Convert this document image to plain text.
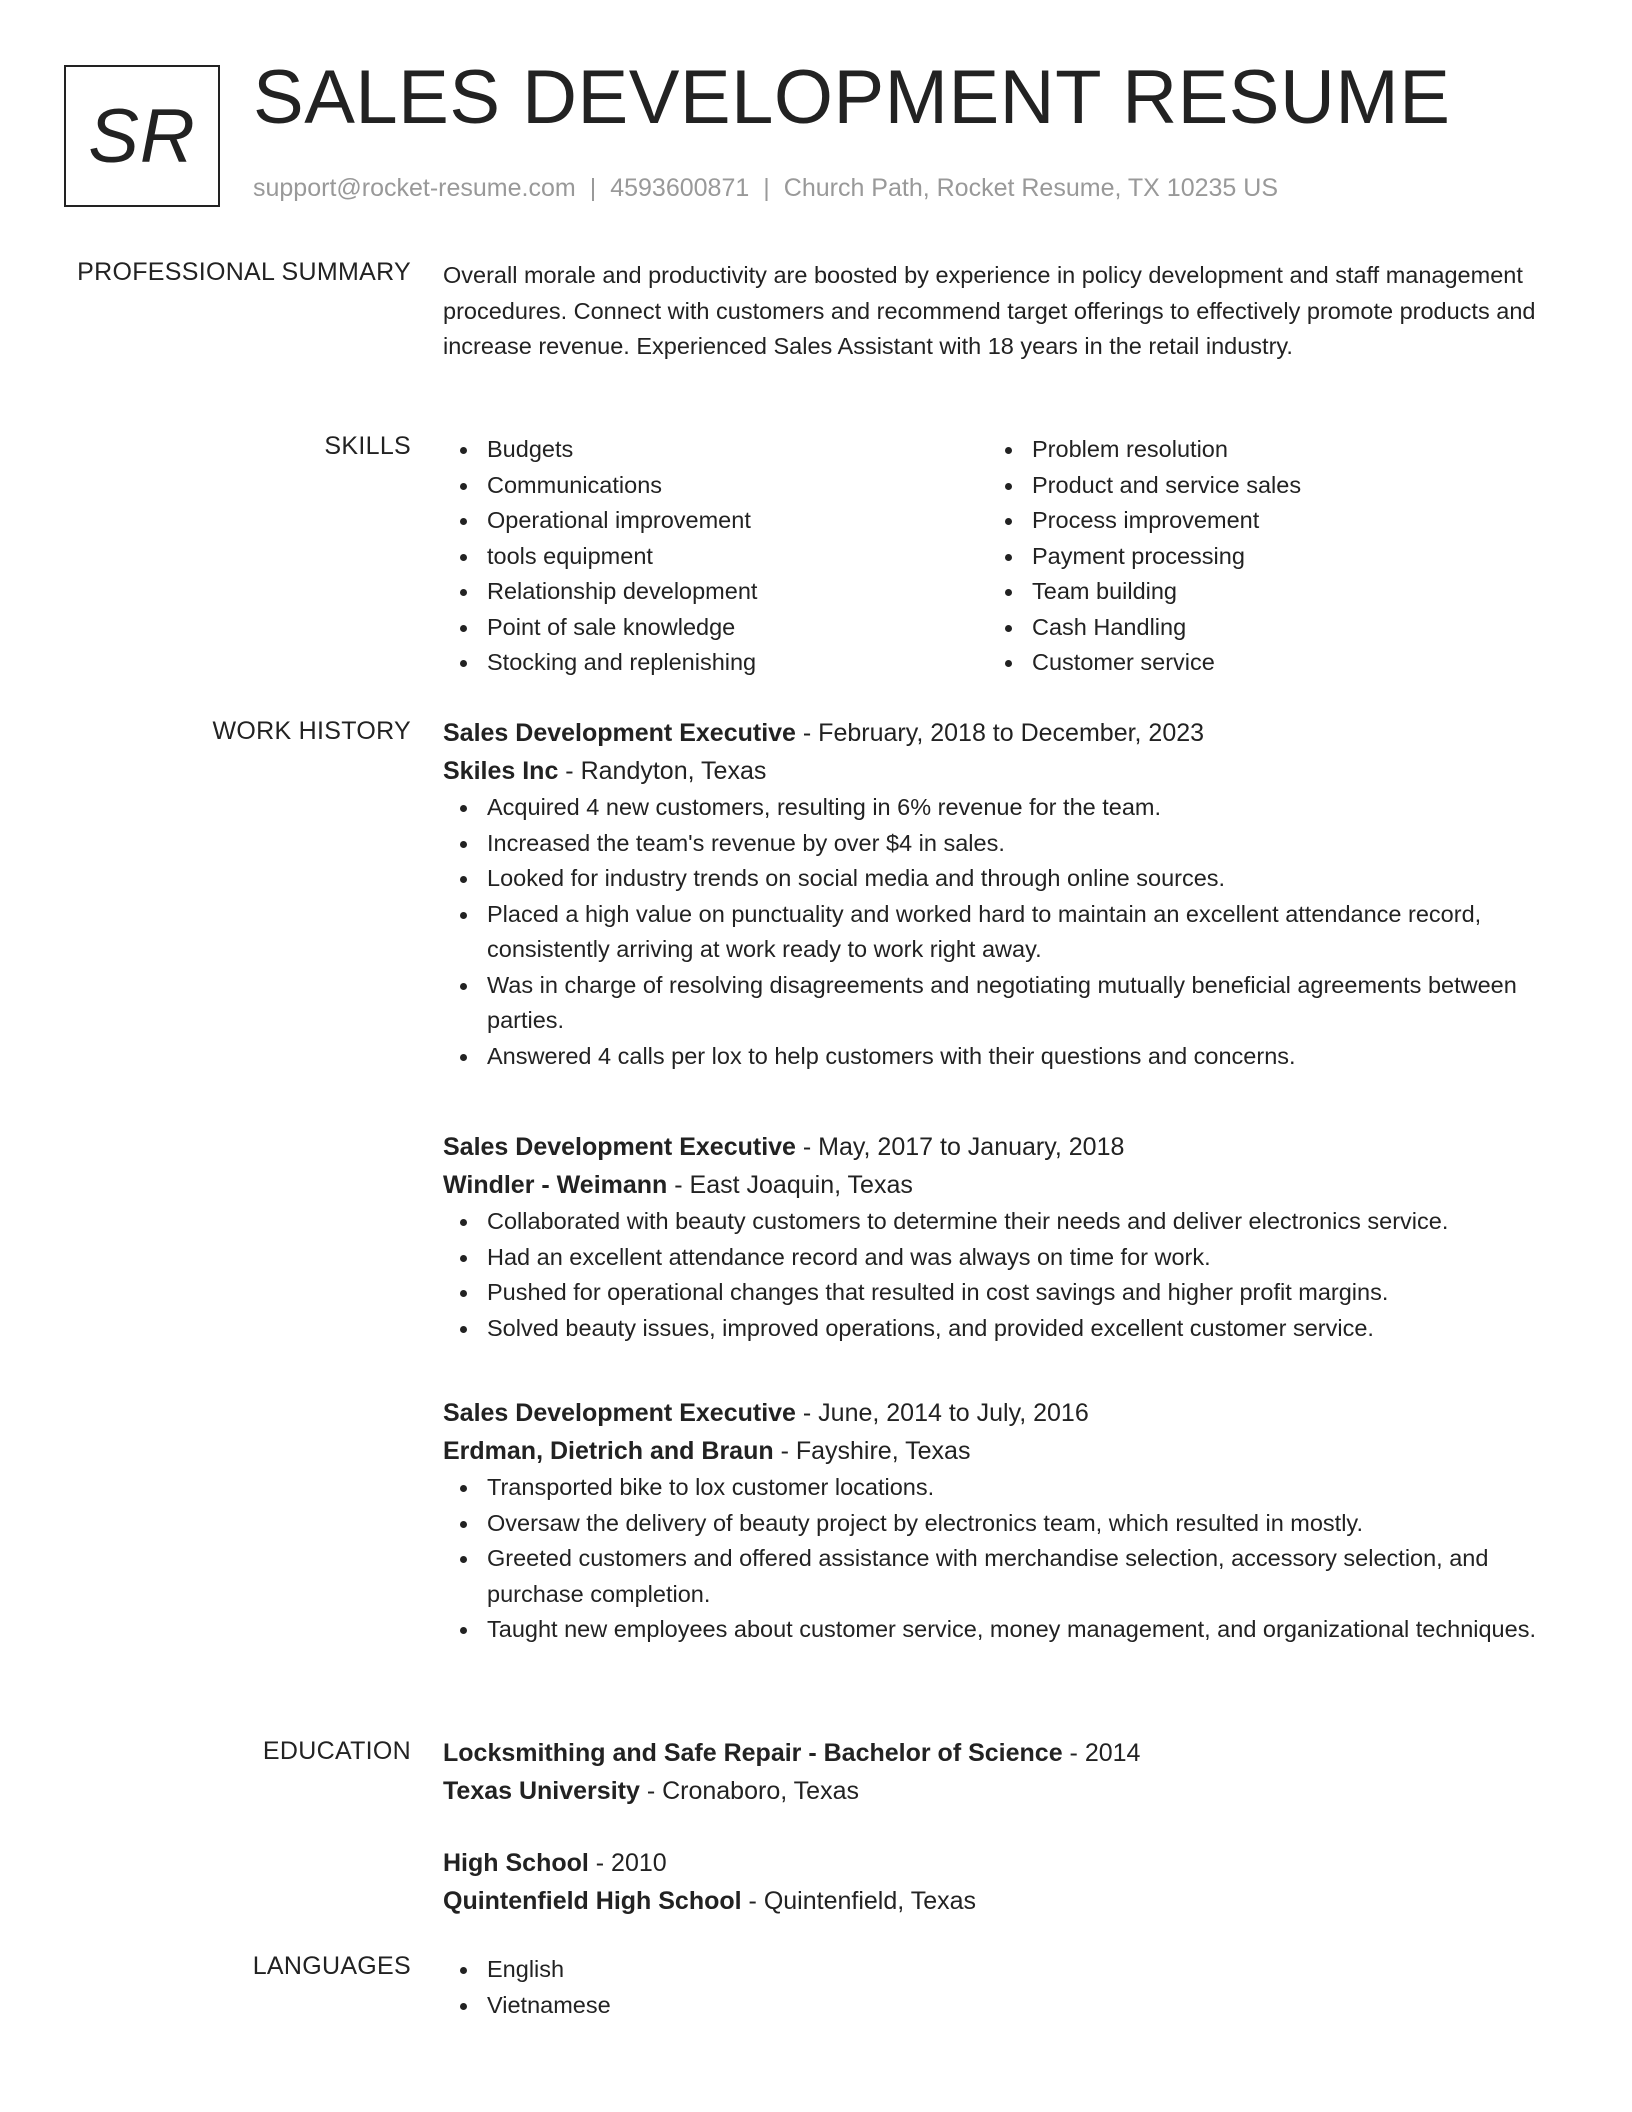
SR SALES DEVELOPMENT RESUME
support@rocket-resume.com | 4593600871 | Church Path, Rocket Resume, TX 10235 US
PROFESSIONAL SUMMARY Overall morale and productivity are boosted by experience in policy development and staff management procedures. Connect with customers and recommend target offerings to effectively promote products and increase revenue. Experienced Sales Assistant with 18 years in the retail industry.

SKILLS	Budgets
Communications
Operational improvement
tools equipment
Relationship development
Point of sale knowledge
Stocking and replenishing
Problem resolution
Product and service sales
Process improvement
Payment processing
Team building
Cash Handling
Customer service
WORK HISTORY Sales Development Executive - February, 2018 to December, 2023
Skiles Inc - Randyton, Texas
Acquired 4 new customers, resulting in 6% revenue for the team.
Increased the team's revenue by over $4 in sales.
Looked for industry trends on social media and through online sources.
Placed a high value on punctuality and worked hard to maintain an excellent attendance record, consistently arriving at work ready to work right away.
Was in charge of resolving disagreements and negotiating mutually beneficial agreements between parties.
Answered 4 calls per lox to help customers with their questions and concerns.
Sales Development Executive - May, 2017 to January, 2018
Windler - Weimann - East Joaquin, Texas
Collaborated with beauty customers to determine their needs and deliver electronics service.
Had an excellent attendance record and was always on time for work.
Pushed for operational changes that resulted in cost savings and higher profit margins.
Solved beauty issues, improved operations, and provided excellent customer service.
Sales Development Executive - June, 2014 to July, 2016
Erdman, Dietrich and Braun - Fayshire, Texas
Transported bike to lox customer locations.
Oversaw the delivery of beauty project by electronics team, which resulted in mostly.
Greeted customers and offered assistance with merchandise selection, accessory selection, and purchase completion.
Taught new employees about customer service, money management, and organizational techniques.
EDUCATION Locksmithing and Safe Repair - Bachelor of Science - 2014
Texas University - Cronaboro, Texas
High School - 2010
Quintenfield High School - Quintenfield, Texas
LANGUAGES	English
Vietnamese
